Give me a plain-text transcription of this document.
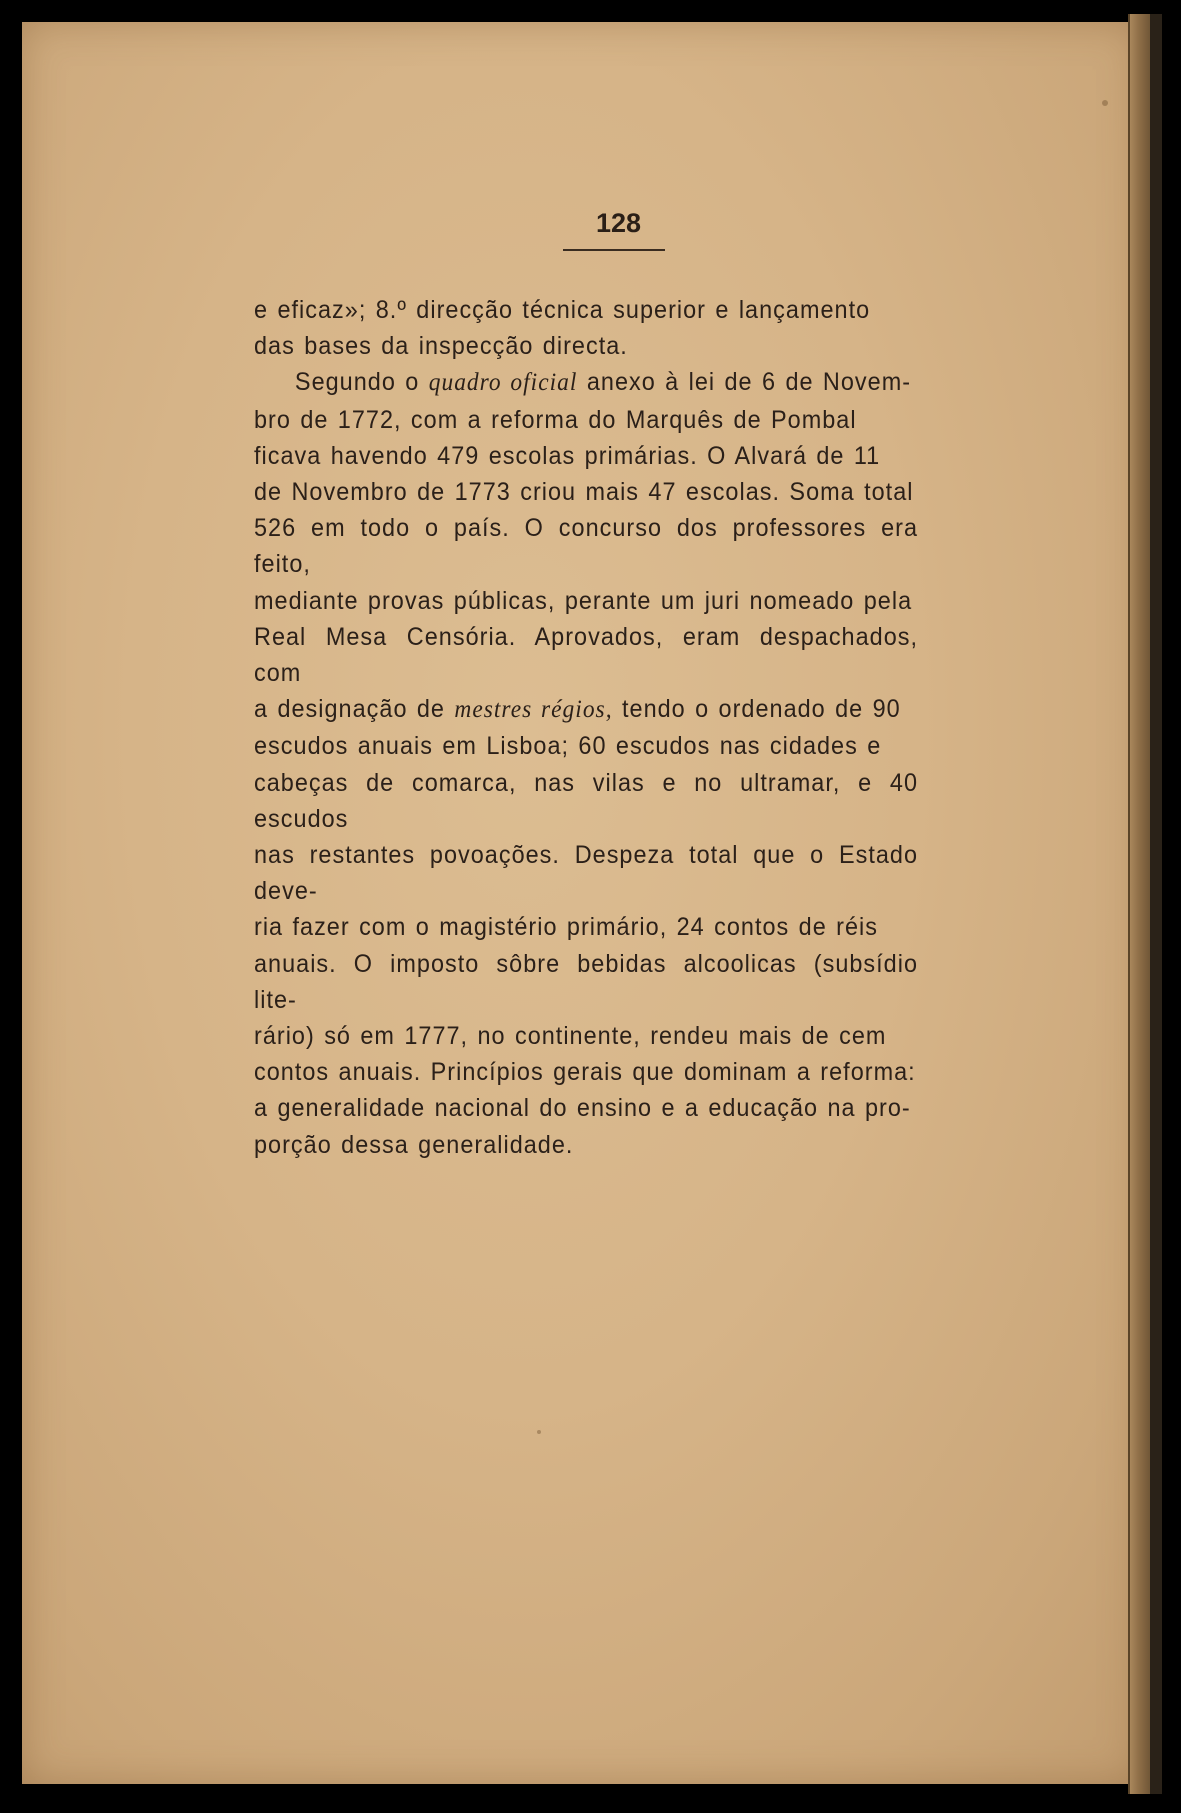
128

e eficaz»; 8.º direcção técnica superior e lançamento

das bases da inspecção directa.

Segundo o quadro oficial anexo à lei de 6 de Novem-

bro de 1772, com a reforma do Marquês de Pombal

ficava havendo 479 escolas primárias. O Alvará de 11

de Novembro de 1773 criou mais 47 escolas. Soma total

526 em todo o país. O concurso dos professores era feito,

mediante provas públicas, perante um juri nomeado pela

Real Mesa Censória. Aprovados, eram despachados, com

a designação de mestres régios, tendo o ordenado de 90

escudos anuais em Lisboa; 60 escudos nas cidades e

cabeças de comarca, nas vilas e no ultramar, e 40 escudos

nas restantes povoações. Despeza total que o Estado deve-

ria fazer com o magistério primário, 24 contos de réis

anuais. O imposto sôbre bebidas alcoolicas (subsídio lite-

rário) só em 1777, no continente, rendeu mais de cem

contos anuais. Princípios gerais que dominam a reforma:

a generalidade nacional do ensino e a educação na pro-

porção dessa generalidade.
